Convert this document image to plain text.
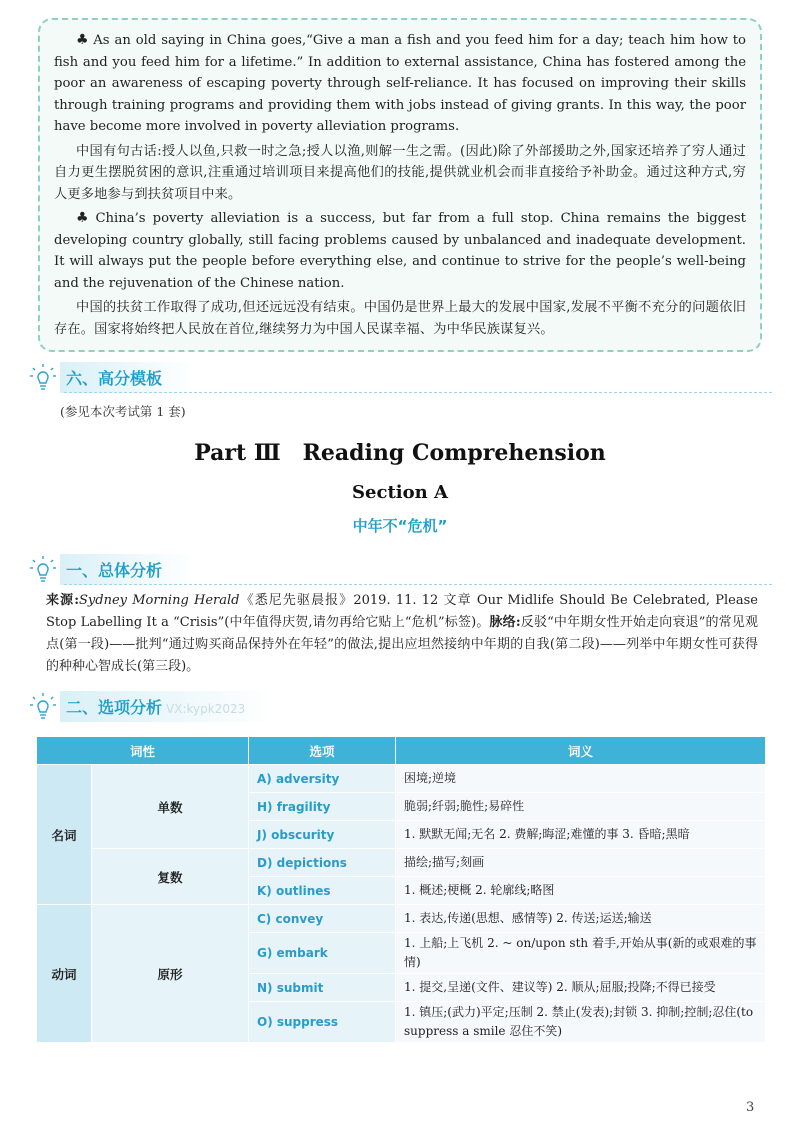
♣ As an old saying in China goes,“Give a man a fish and you feed him for a day; teach him how to fish and you feed him for a lifetime.” In addition to external assistance, China has fostered among the poor an awareness of escaping poverty through self-reliance. It has focused on improving their skills through training programs and providing them with jobs instead of giving grants. In this way, the poor have become more involved in poverty alleviation programs.

中国有句古话:授人以鱼,只救一时之急;授人以渔,则解一生之需。(因此)除了外部援助之外,国家还培养了穷人通过自力更生摆脱贫困的意识,注重通过培训项目来提高他们的技能,提供就业机会而非直接给予补助金。通过这种方式,穷人更多地参与到扶贫项目中来。

♣ China’s poverty alleviation is a success, but far from a full stop. China remains the biggest developing country globally, still facing problems caused by unbalanced and inadequate development. It will always put the people before everything else, and continue to strive for the people’s well-being and the rejuvenation of the Chinese nation.

中国的扶贫工作取得了成功,但还远远没有结束。中国仍是世界上最大的发展中国家,发展不平衡不充分的问题依旧存在。国家将始终把人民放在首位,继续努力为中国人民谋幸福、为中华民族谋复兴。

六、高分模板
(参见本次考试第 1 套)
Part Ⅲ　Reading Comprehension
Section A
中年不“危机”
一、总体分析
来源:Sydney Morning Herald《悉尼先驱晨报》2019. 11. 12 文章 Our Midlife Should Be Celebrated, Please Stop Labelling It a “Crisis”(中年值得庆贺,请勿再给它贴上“危机”标签)。脉络:反驳“中年期女性开始走向衰退”的常见观点(第一段)——批判“通过购买商品保持外在年轻”的做法,提出应坦然接纳中年期的自我(第二段)——列举中年期女性可获得的种种心智成长(第三段)。
二、选项分析 VX:kypk2023
词性		选项	词义
名词	单数	A) adversity	困境;逆境
		H) fragility	脆弱;纤弱;脆性;易碎性
		J) obscurity	1. 默默无闻;无名 2. 费解;晦涩;难懂的事 3. 昏暗;黑暗
	复数	D) depictions	描绘;描写;刻画
		K) outlines	1. 概述;梗概 2. 轮廓线;略图
动词	原形	C) convey	1. 表达,传递(思想、感情等) 2. 传送;运送;输送
		G) embark	1. 上船;上飞机 2. ~ on/upon sth 着手,开始从事(新的或艰难的事情)
		N) submit	1. 提交,呈递(文件、建议等) 2. 顺从;屈服;投降;不得已接受
		O) suppress	1. 镇压;(武力)平定;压制 2. 禁止(发表);封锁 3. 抑制;控制;忍住(to suppress a smile 忍住不笑)
3
